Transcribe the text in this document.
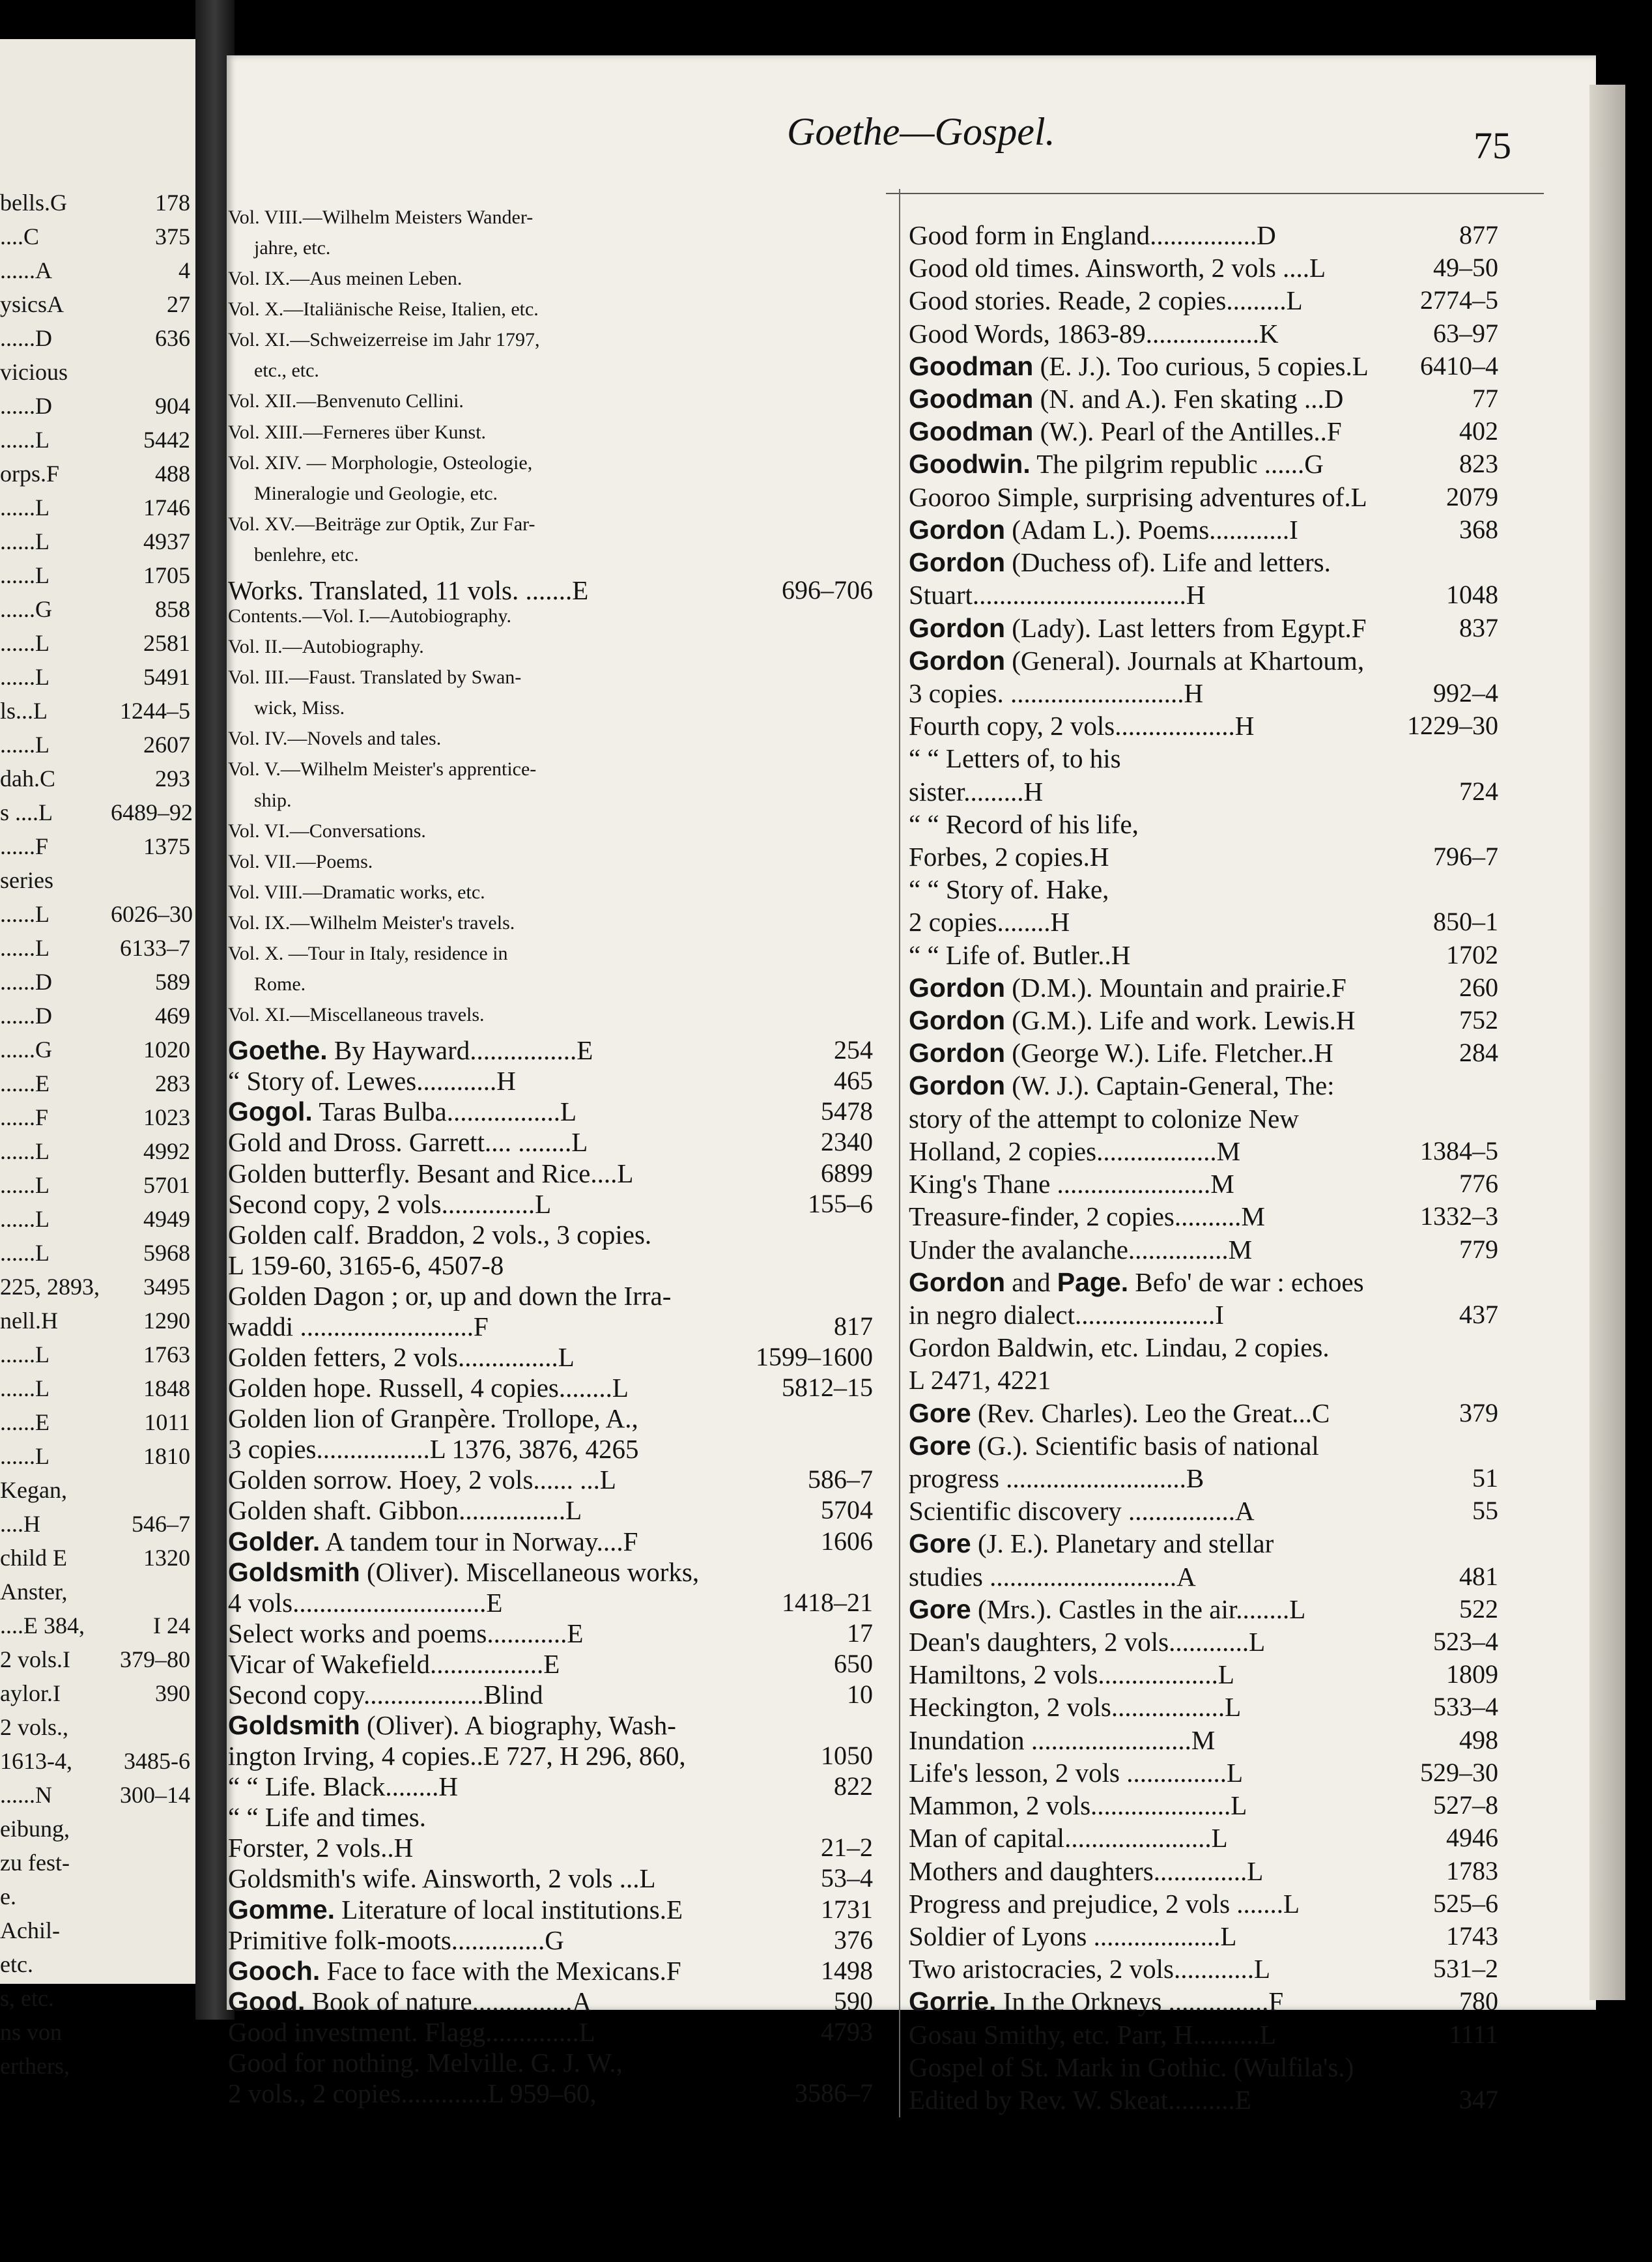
Goethe—Gospel.	75
bells.G	178
....C	375
......A	4
ysicsA	27
......D	636
vicious
......D	904
......L	5442
orps.F	488
......L	1746
......L	4937
......L	1705
......G	858
......L	2581
......L	5491
ls...L	1244–5
......L	2607
dah.C	293
s ....L	6489–92
......F	1375
series
......L	6026–30
......L	6133–7
......D	589
......D	469
......G	1020
......E	283
......F	1023
......L	4992
......L	5701
......L	4949
......L	5968
225, 2893,	3495
nell.H	1290
......L	1763
......L	1848
......E	1011
......L	1810
Kegan,
....H	546–7
child E	1320
Anster,
....E 384,	I 24
2 vols.I	379–80
aylor.I	390
2 vols.,
1613-4,	3485-6
......N	300–14
eibung,
zu fest-
e.
Achil-
etc.
s, etc.
ns von
erthers,
Vol. VIII.—Wilhelm Meisters Wander-
jahre, etc.
Vol. IX.—Aus meinen Leben.
Vol. X.—Italiänische Reise, Italien, etc.
Vol. XI.—Schweizerreise im Jahr 1797,
etc., etc.
Vol. XII.—Benvenuto Cellini.
Vol. XIII.—Ferneres über Kunst.
Vol. XIV. — Morphologie, Osteologie,
Mineralogie und Geologie, etc.
Vol. XV.—Beiträge zur Optik, Zur Far-
benlehre, etc.
Works. Translated, 11 vols. .......E	696–706
Contents.—Vol. I.—Autobiography.
Vol. II.—Autobiography.
Vol. III.—Faust. Translated by Swan-
wick, Miss.
Vol. IV.—Novels and tales.
Vol. V.—Wilhelm Meister's apprentice-
ship.
Vol. VI.—Conversations.
Vol. VII.—Poems.
Vol. VIII.—Dramatic works, etc.
Vol. IX.—Wilhelm Meister's travels.
Vol. X. —Tour in Italy, residence in
Rome.
Vol. XI.—Miscellaneous travels.
Goethe. By Hayward................E	254
“ Story of. Lewes............H	465
Gogol. Taras Bulba.................L	5478
Gold and Dross. Garrett.... ........L	2340
Golden butterfly. Besant and Rice....L	6899
Second copy, 2 vols..............L	155–6
Golden calf. Braddon, 2 vols., 3 copies.
L 159-60, 3165-6, 4507-8
Golden Dagon ; or, up and down the Irra-
waddi ..........................F	817
Golden fetters, 2 vols...............L	1599–1600
Golden hope. Russell, 4 copies........L	5812–15
Golden lion of Granpère. Trollope, A.,
3 copies.................L 1376, 3876, 4265
Golden sorrow. Hoey, 2 vols...... ...L	586–7
Golden shaft. Gibbon................L	5704
Golder. A tandem tour in Norway....F	1606
Goldsmith (Oliver). Miscellaneous works,
4 vols.............................E	1418–21
Select works and poems............E	17
Vicar of Wakefield.................E	650
Second copy..................Blind	10
Goldsmith (Oliver). A biography, Wash-
ington Irving, 4 copies..E 727, H 296, 860,	1050
“ “ Life. Black........H	822
“ “ Life and times.
Forster, 2 vols..H	21–2
Goldsmith's wife. Ainsworth, 2 vols ...L	53–4
Gomme. Literature of local institutions.E	1731
Primitive folk-moots..............G	376
Gooch. Face to face with the Mexicans.F	1498
Good. Book of nature...............A	590
Good investment. Flagg..............L	4793
Good for nothing. Melville. G. J. W.,
2 vols., 2 copies.............L 959–60,	3586–7
Good form in England................D	877
Good old times. Ainsworth, 2 vols ....L	49–50
Good stories. Reade, 2 copies.........L	2774–5
Good Words, 1863-89.................K	63–97
Goodman (E. J.). Too curious, 5 copies.L 6410–4
Goodman (N. and A.). Fen skating ...D	77
Goodman (W.). Pearl of the Antilles..F	402
Goodwin. The pilgrim republic ......G	823
Gooroo Simple, surprising adventures of.L	2079
Gordon (Adam L.). Poems............I	368
Gordon (Duchess of). Life and letters.
Stuart................................H	1048
Gordon (Lady). Last letters from Egypt.F	837
Gordon (General). Journals at Khartoum,
3 copies. ..........................H	992–4
Fourth copy, 2 vols..................H	1229–30
“ “ Letters of, to his
sister.........H	724
“ “ Record of his life,
Forbes, 2 copies.H	796–7
“ “ Story of. Hake,
2 copies........H	850–1
“ “ Life of. Butler..H	1702
Gordon (D.M.). Mountain and prairie.F	260
Gordon (G.M.). Life and work. Lewis.H	752
Gordon (George W.). Life. Fletcher..H	284
Gordon (W. J.). Captain-General, The:
story of the attempt to colonize New
Holland, 2 copies..................M	1384–5
King's Thane .......................M	776
Treasure-finder, 2 copies..........M	1332–3
Under the avalanche...............M	779
Gordon and Page. Befo' de war : echoes
in negro dialect.....................I	437
Gordon Baldwin, etc. Lindau, 2 copies.
L 2471, 4221
Gore (Rev. Charles). Leo the Great...C	379
Gore (G.). Scientific basis of national
progress ...........................B	51
Scientific discovery ................A	55
Gore (J. E.). Planetary and stellar
studies ............................A	481
Gore (Mrs.). Castles in the air........L	522
Dean's daughters, 2 vols............L	523–4
Hamiltons, 2 vols..................L	1809
Heckington, 2 vols.................L	533–4
Inundation ........................M	498
Life's lesson, 2 vols ...............L	529–30
Mammon, 2 vols.....................L	527–8
Man of capital......................L	4946
Mothers and daughters..............L	1783
Progress and prejudice, 2 vols .......L	525–6
Soldier of Lyons ...................L	1743
Two aristocracies, 2 vols............L	531–2
Gorrie. In the Orkneys ...............F	780
Gosau Smithy, etc. Parr, H..........L	1111
Gospel of St. Mark in Gothic. (Wulfila's.)
Edited by Rev. W. Skeat..........E	347
